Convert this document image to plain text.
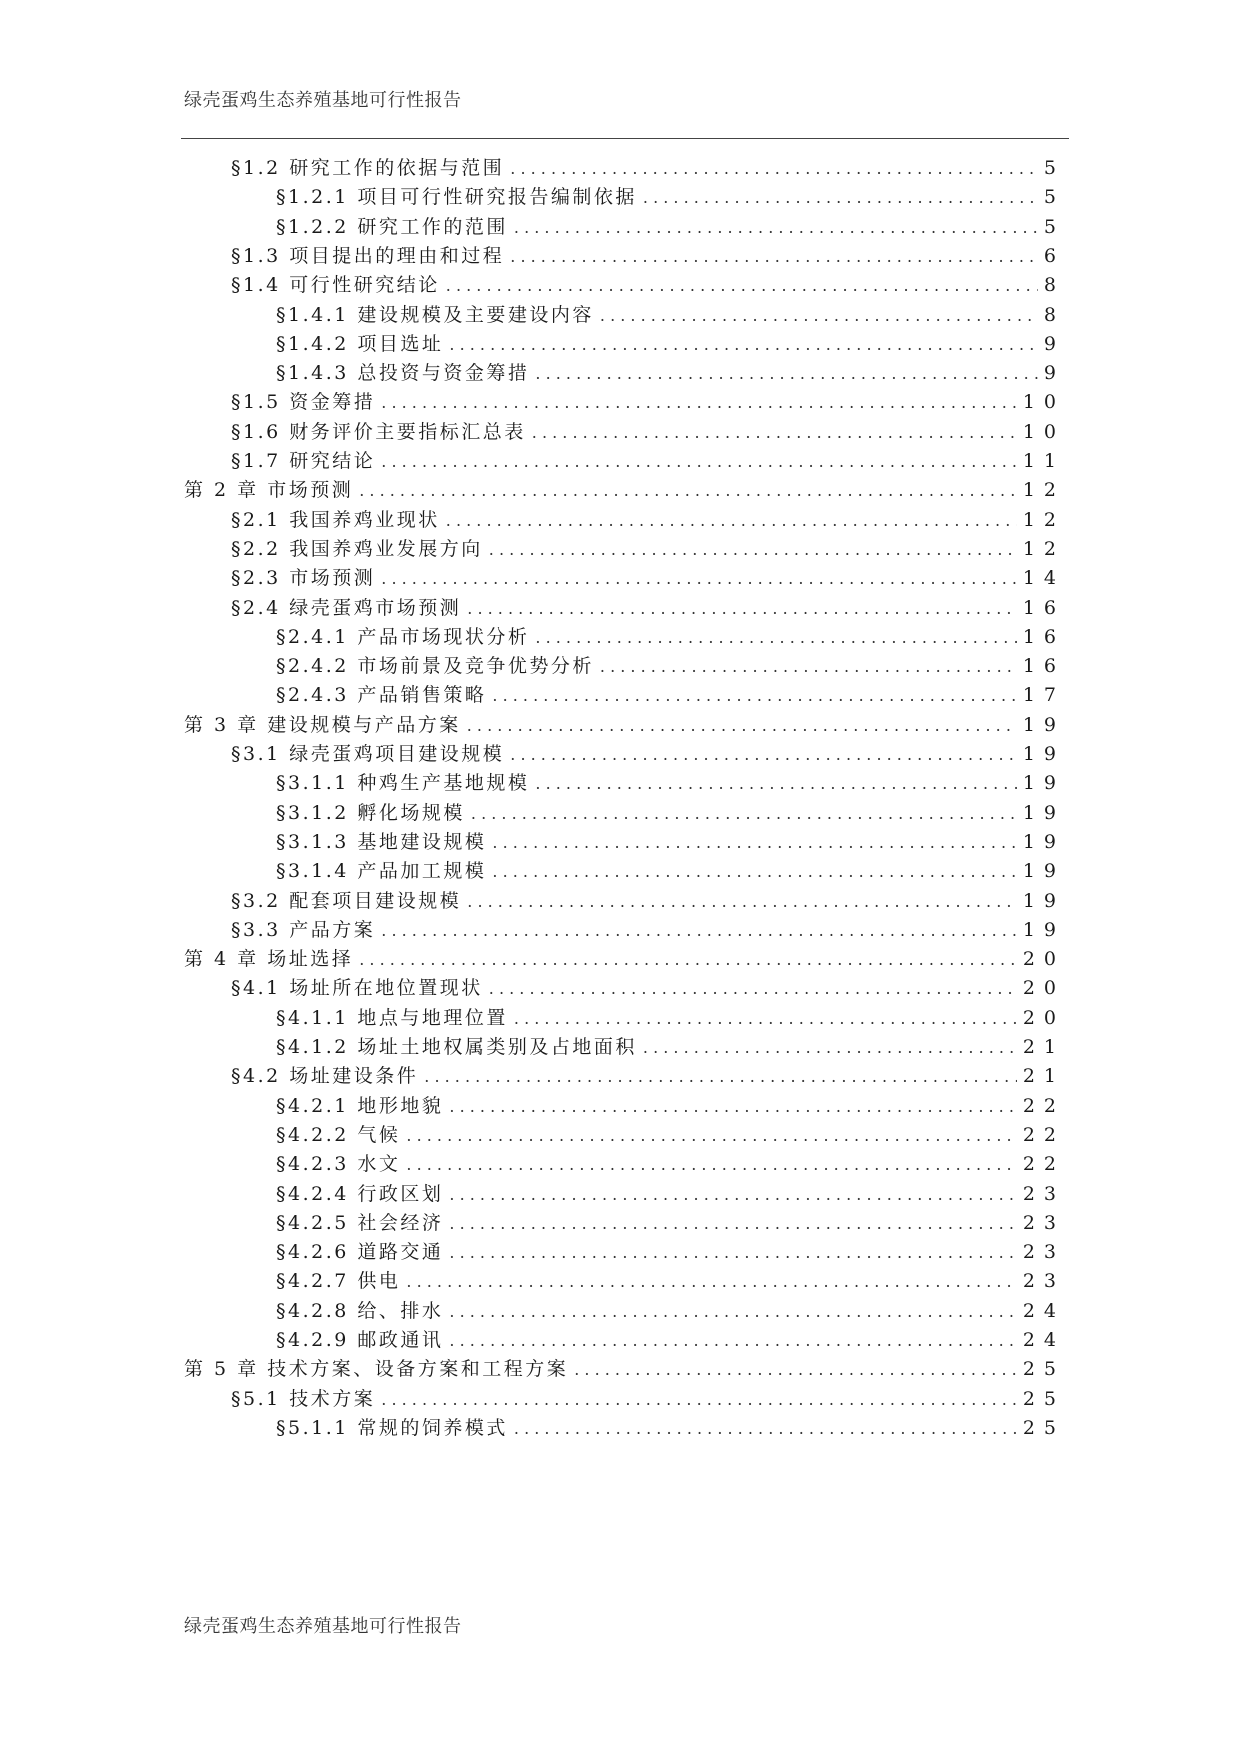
绿壳蛋鸡生态养殖基地可行性报告
§1.2 研究工作的依据与范围 . . .	5
§1.2.1 项目可行性研究报告编制依据 . . .	5
§1.2.2 研究工作的范围 . . .	5
§1.3 项目提出的理由和过程 . . .	6
§1.4 可行性研究结论 . . .	8
§1.4.1 建设规模及主要建设内容 . . .	8
§1.4.2 项目选址 . . .	9
§1.4.3 总投资与资金筹措 . . .	9
§1.5 资金筹措 . . .	10
§1.6 财务评价主要指标汇总表 . . .	10
§1.7 研究结论 . . .	11
第 2 章 市场预测 . . .	12
§2.1 我国养鸡业现状 . . .	12
§2.2 我国养鸡业发展方向 . . .	12
§2.3 市场预测 . . .	14
§2.4 绿壳蛋鸡市场预测 . . .	16
§2.4.1 产品市场现状分析 . . .	16
§2.4.2 市场前景及竞争优势分析 . . .	16
§2.4.3 产品销售策略 . . .	17
第 3 章 建设规模与产品方案 . . .	19
§3.1 绿壳蛋鸡项目建设规模 . . .	19
§3.1.1 种鸡生产基地规模 . . .	19
§3.1.2 孵化场规模 . . .	19
§3.1.3 基地建设规模 . . .	19
§3.1.4 产品加工规模 . . .	19
§3.2 配套项目建设规模 . . .	19
§3.3 产品方案 . . .	19
第 4 章 场址选择 . . .	20
§4.1 场址所在地位置现状 . . .	20
§4.1.1 地点与地理位置 . . .	20
§4.1.2 场址土地权属类别及占地面积 . . .	21
§4.2 场址建设条件 . . .	21
§4.2.1 地形地貌 . . .	22
§4.2.2 气候 . . .	22
§4.2.3 水文 . . .	22
§4.2.4 行政区划 . . .	23
§4.2.5 社会经济 . . .	23
§4.2.6 道路交通 . . .	23
§4.2.7 供电 . . .	23
§4.2.8 给、排水 . . .	24
§4.2.9 邮政通讯 . . .	24
第 5 章 技术方案、设备方案和工程方案 . . .	25
§5.1 技术方案 . . .	25
§5.1.1 常规的饲养模式 . . .	25
绿壳蛋鸡生态养殖基地可行性报告
